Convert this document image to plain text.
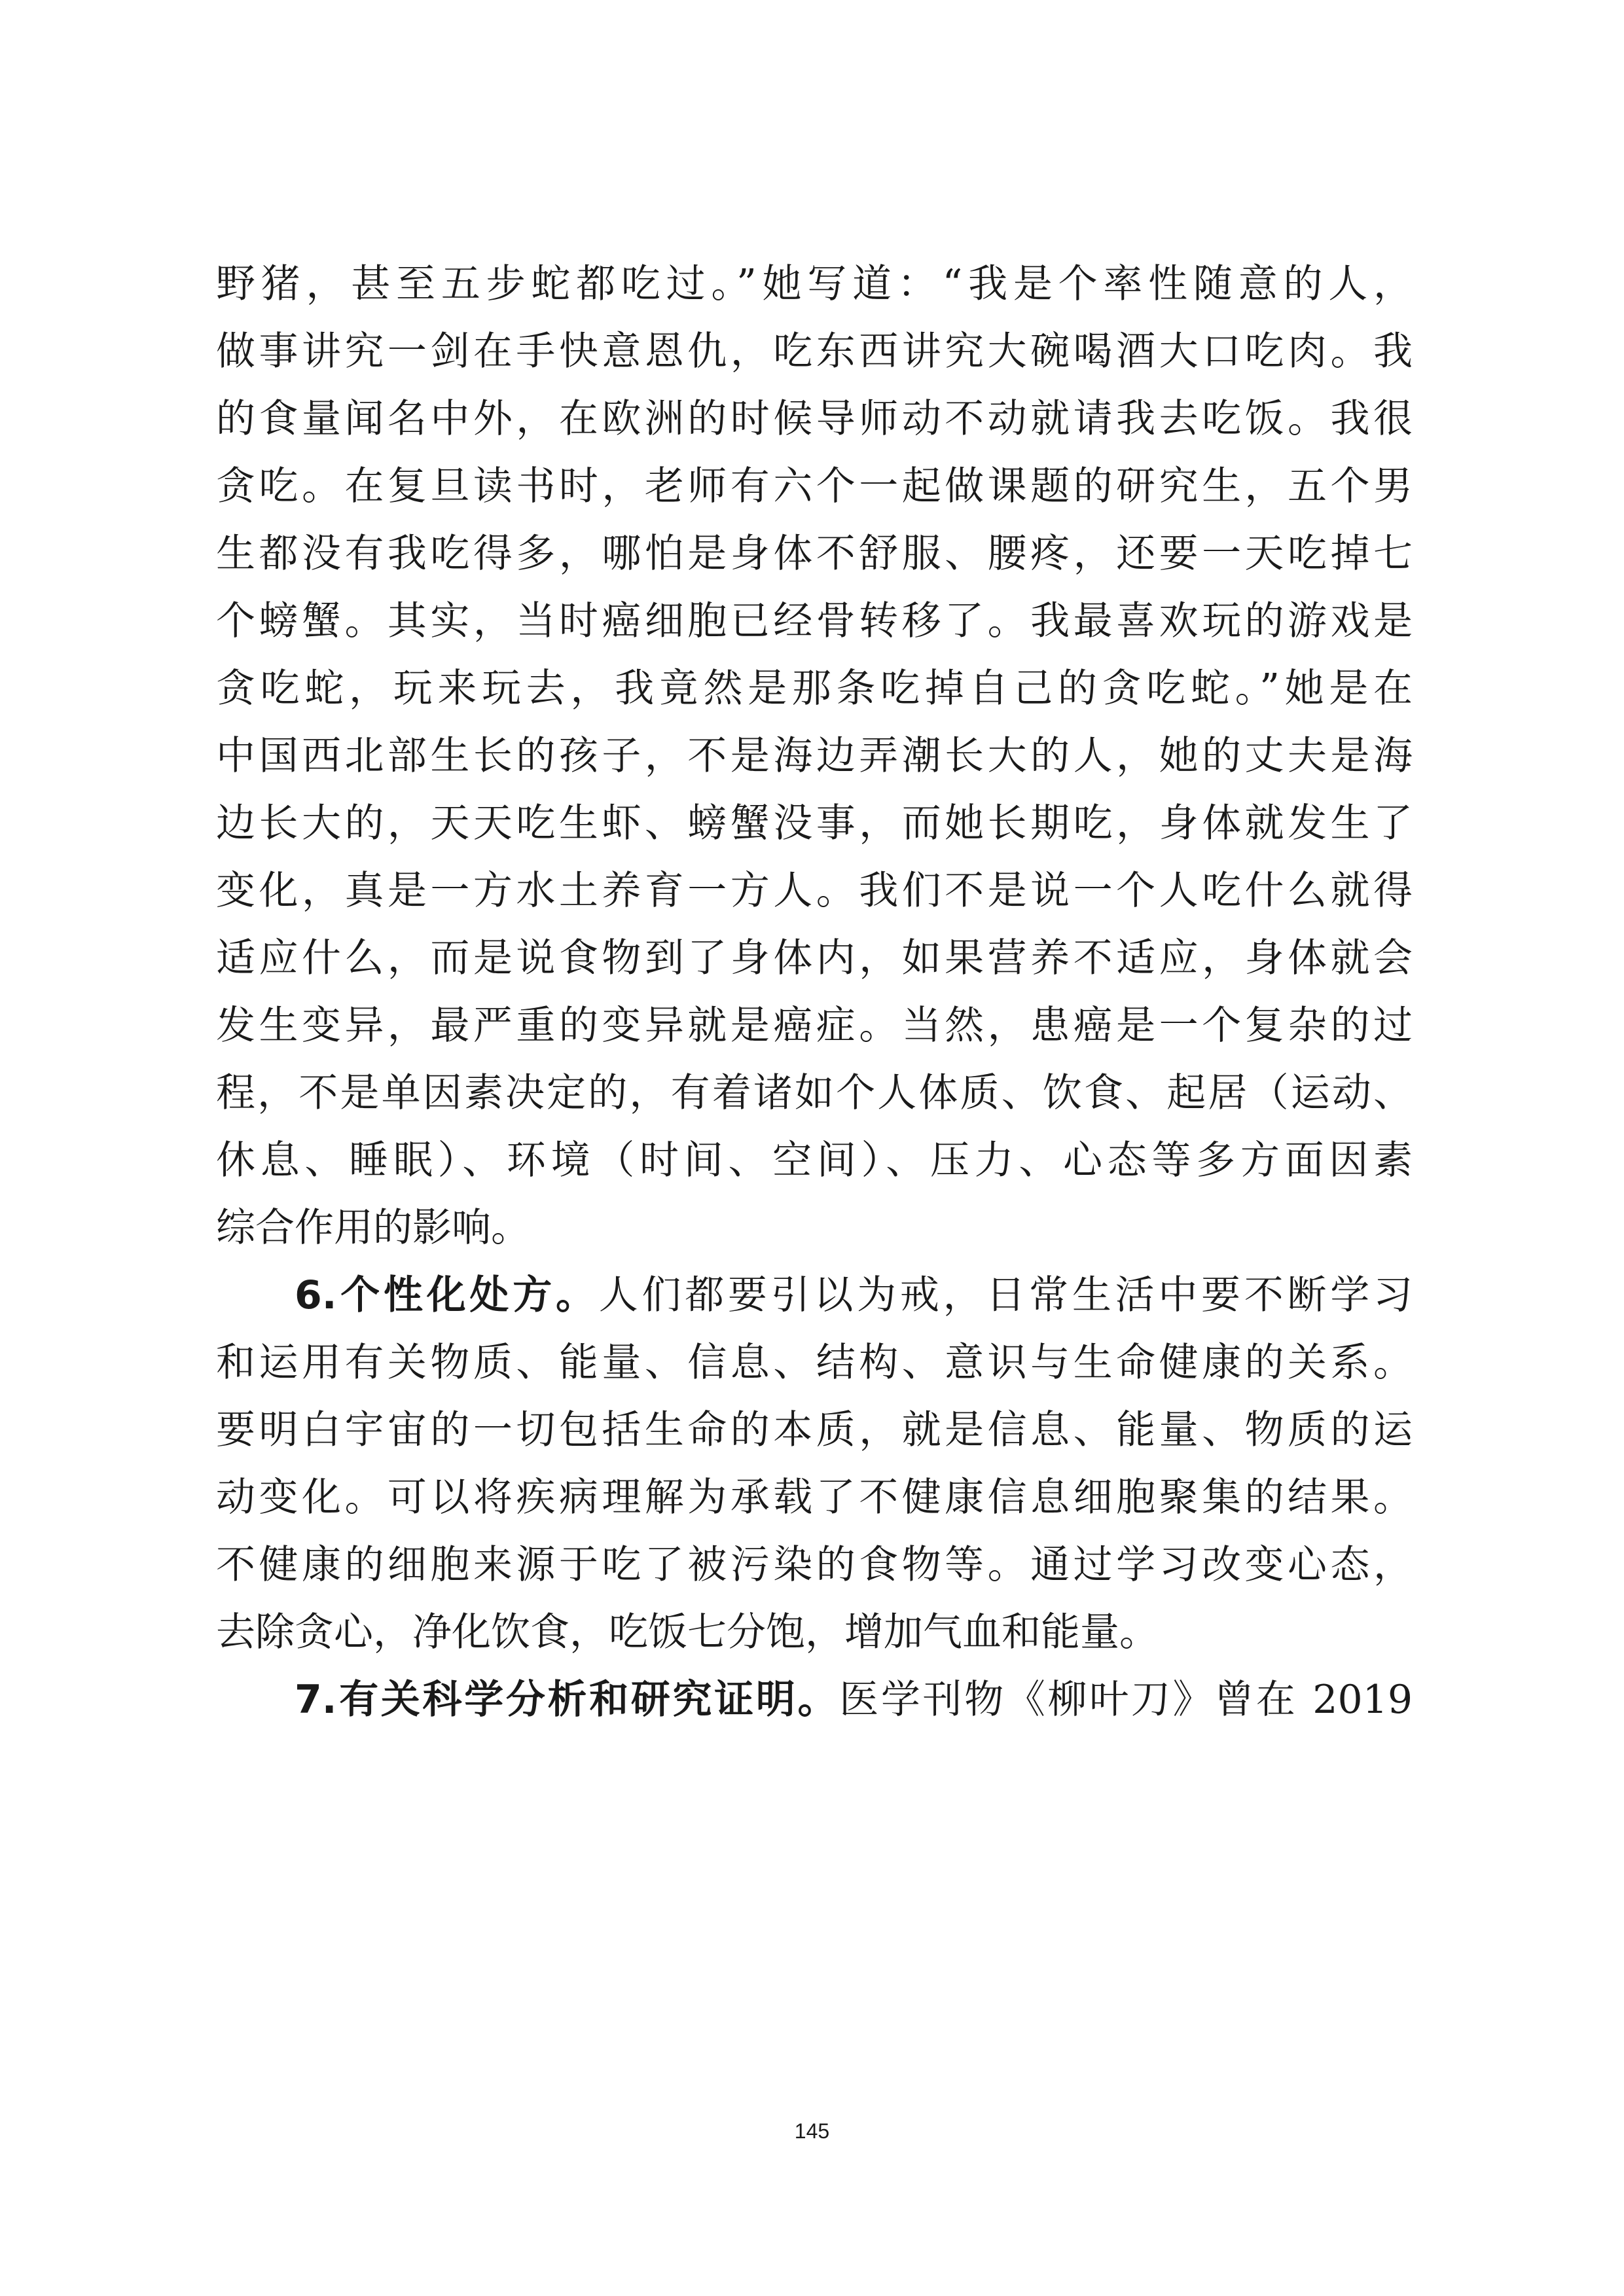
野猪，甚至五步蛇都吃过。”她写道：“我是个率性随意的人，
做事讲究一剑在手快意恩仇，吃东西讲究大碗喝酒大口吃肉。我
的食量闻名中外，在欧洲的时候导师动不动就请我去吃饭。我很
贪吃。在复旦读书时，老师有六个一起做课题的研究生，五个男
生都没有我吃得多，哪怕是身体不舒服、腰疼，还要一天吃掉七
个螃蟹。其实，当时癌细胞已经骨转移了。我最喜欢玩的游戏是
贪吃蛇，玩来玩去，我竟然是那条吃掉自己的贪吃蛇。”她是在
中国西北部生长的孩子，不是海边弄潮长大的人，她的丈夫是海
边长大的，天天吃生虾、螃蟹没事，而她长期吃，身体就发生了
变化，真是一方水土养育一方人。我们不是说一个人吃什么就得
适应什么，而是说食物到了身体内，如果营养不适应，身体就会
发生变异，最严重的变异就是癌症。当然，患癌是一个复杂的过
程，不是单因素决定的，有着诸如个人体质、饮食、起居（运动、
休息、睡眠）、环境（时间、空间）、压力、心态等多方面因素
综合作用的影响。
6.个性化处方。人们都要引以为戒，日常生活中要不断学习
和运用有关物质、能量、信息、结构、意识与生命健康的关系。
要明白宇宙的一切包括生命的本质，就是信息、能量、物质的运
动变化。可以将疾病理解为承载了不健康信息细胞聚集的结果。
不健康的细胞来源于吃了被污染的食物等。通过学习改变心态，
去除贪心，净化饮食，吃饭七分饱，增加气血和能量。
7.有关科学分析和研究证明。医学刊物《柳叶刀》曾在 2019
145
